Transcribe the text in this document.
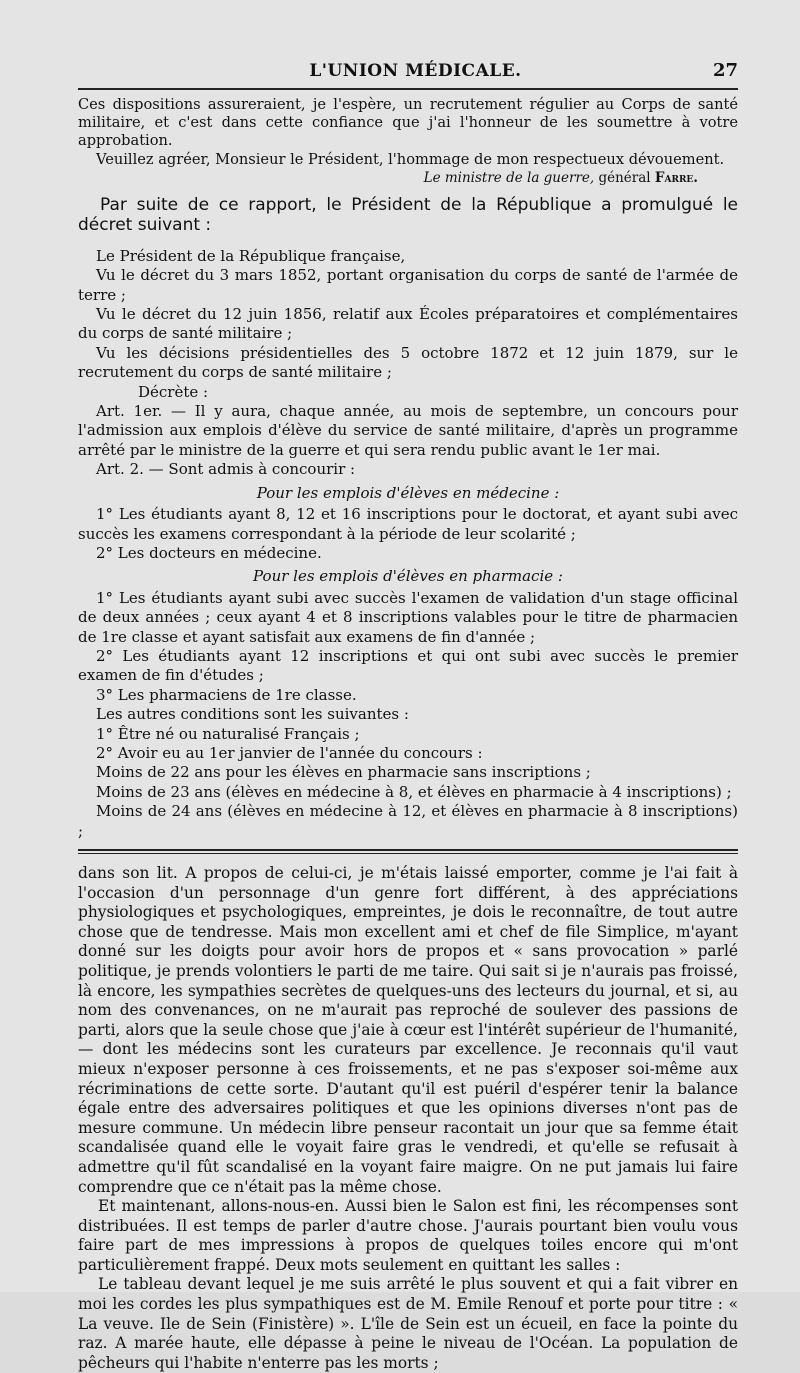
L'UNION MÉDICALE.	27

Ces dispositions assureraient, je l'espère, un recrutement régulier au Corps de santé militaire, et c'est dans cette confiance que j'ai l'honneur de les soumettre à votre approbation.

Veuillez agréer, Monsieur le Président, l'hommage de mon respectueux dévouement.

Le ministre de la guerre, général Farre.

Par suite de ce rapport, le Président de la République a promulgué le décret suivant :

Le Président de la République française,

Vu le décret du 3 mars 1852, portant organisation du corps de santé de l'armée de terre ;

Vu le décret du 12 juin 1856, relatif aux Écoles préparatoires et complémentaires du corps de santé militaire ;

Vu les décisions présidentielles des 5 octobre 1872 et 12 juin 1879, sur le recrutement du corps de santé militaire ;

Décrète :

Art. 1er. — Il y aura, chaque année, au mois de septembre, un concours pour l'admission aux emplois d'élève du service de santé militaire, d'après un programme arrêté par le ministre de la guerre et qui sera rendu public avant le 1er mai.

Art. 2. — Sont admis à concourir :

Pour les emplois d'élèves en médecine :

1° Les étudiants ayant 8, 12 et 16 inscriptions pour le doctorat, et ayant subi avec succès les examens correspondant à la période de leur scolarité ;

2° Les docteurs en médecine.

Pour les emplois d'élèves en pharmacie :

1° Les étudiants ayant subi avec succès l'examen de validation d'un stage officinal de deux années ; ceux ayant 4 et 8 inscriptions valables pour le titre de pharmacien de 1re classe et ayant satisfait aux examens de fin d'année ;

2° Les étudiants ayant 12 inscriptions et qui ont subi avec succès le premier examen de fin d'études ;

3° Les pharmaciens de 1re classe.

Les autres conditions sont les suivantes :

1° Être né ou naturalisé Français ;

2° Avoir eu au 1er janvier de l'année du concours :

Moins de 22 ans pour les élèves en pharmacie sans inscriptions ;

Moins de 23 ans (élèves en médecine à 8, et élèves en pharmacie à 4 inscriptions) ;

Moins de 24 ans (élèves en médecine à 12, et élèves en pharmacie à 8 inscriptions) ;

dans son lit. A propos de celui-ci, je m'étais laissé emporter, comme je l'ai fait à l'occasion d'un personnage d'un genre fort différent, à des appréciations physiologiques et psychologiques, empreintes, je dois le reconnaître, de tout autre chose que de tendresse. Mais mon excellent ami et chef de file Simplice, m'ayant donné sur les doigts pour avoir hors de propos et « sans provocation » parlé politique, je prends volontiers le parti de me taire. Qui sait si je n'aurais pas froissé, là encore, les sympathies secrètes de quelques-uns des lecteurs du journal, et si, au nom des convenances, on ne m'aurait pas reproché de soulever des passions de parti, alors que la seule chose que j'aie à cœur est l'intérêt supérieur de l'humanité, — dont les médecins sont les curateurs par excellence. Je reconnais qu'il vaut mieux n'exposer personne à ces froissements, et ne pas s'exposer soi-même aux récriminations de cette sorte. D'autant qu'il est puéril d'espérer tenir la balance égale entre des adversaires politiques et que les opinions diverses n'ont pas de mesure commune. Un médecin libre penseur racontait un jour que sa femme était scandalisée quand elle le voyait faire gras le vendredi, et qu'elle se refusait à admettre qu'il fût scandalisé en la voyant faire maigre. On ne put jamais lui faire comprendre que ce n'était pas la même chose.

Et maintenant, allons-nous-en. Aussi bien le Salon est fini, les récompenses sont distribuées. Il est temps de parler d'autre chose. J'aurais pourtant bien voulu vous faire part de mes impressions à propos de quelques toiles encore qui m'ont particulièrement frappé. Deux mots seulement en quittant les salles :

Le tableau devant lequel je me suis arrêté le plus souvent et qui a fait vibrer en moi les cordes les plus sympathiques est de M. Emile Renouf et porte pour titre : « La veuve. Ile de Sein (Finistère) ». L'île de Sein est un écueil, en face la pointe du raz. A marée haute, elle dépasse à peine le niveau de l'Océan. La population de pêcheurs qui l'habite n'enterre pas les morts ;
